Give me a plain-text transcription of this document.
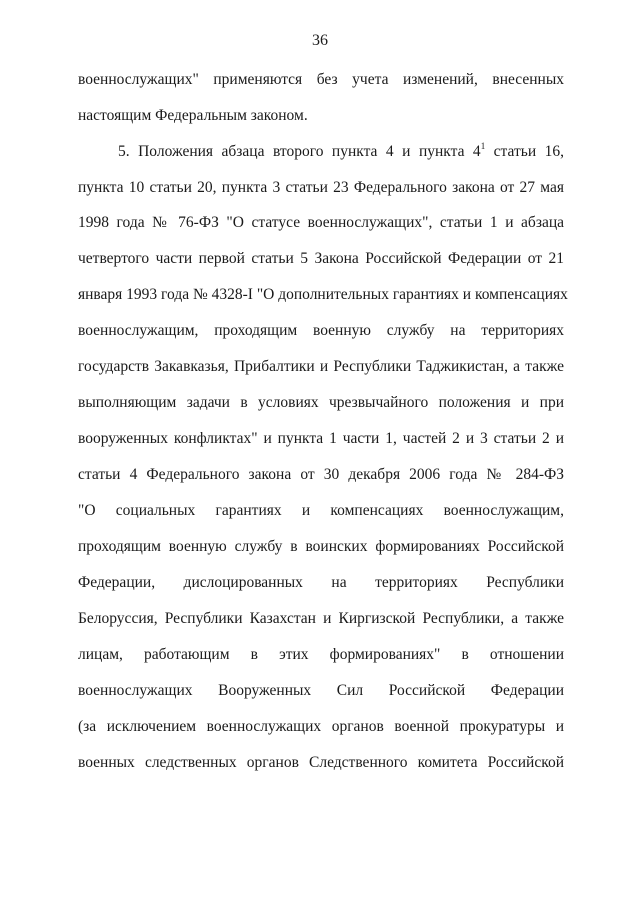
36
военнослужащих" применяются без учета изменений, внесенных
настоящим Федеральным законом.
5. Положения абзаца второго пункта 4 и пункта $4^1$ статьи 16,
пункта 10 статьи 20, пункта 3 статьи 23 Федерального закона от 27 мая
1998 года № 76-ФЗ "О статусе военнослужащих", статьи 1 и абзаца
четвертого части первой статьи 5 Закона Российской Федерации от 21
января 1993 года № 4328-I "О дополнительных гарантиях и компенсациях
военнослужащим, проходящим военную службу на территориях
государств Закавказья, Прибалтики и Республики Таджикистан, а также
выполняющим задачи в условиях чрезвычайного положения и при
вооруженных конфликтах" и пункта 1 части 1, частей 2 и 3 статьи 2 и
статьи 4 Федерального закона от 30 декабря 2006 года № 284-ФЗ
"О социальных гарантиях и компенсациях военнослужащим,
проходящим военную службу в воинских формированиях Российской
Федерации, дислоцированных на территориях Республики
Белоруссия, Республики Казахстан и Киргизской Республики, а также
лицам, работающим в этих формированиях" в отношении
военнослужащих Вооруженных Сил Российской Федерации
(за исключением военнослужащих органов военной прокуратуры и
военных следственных органов Следственного комитета Российской
